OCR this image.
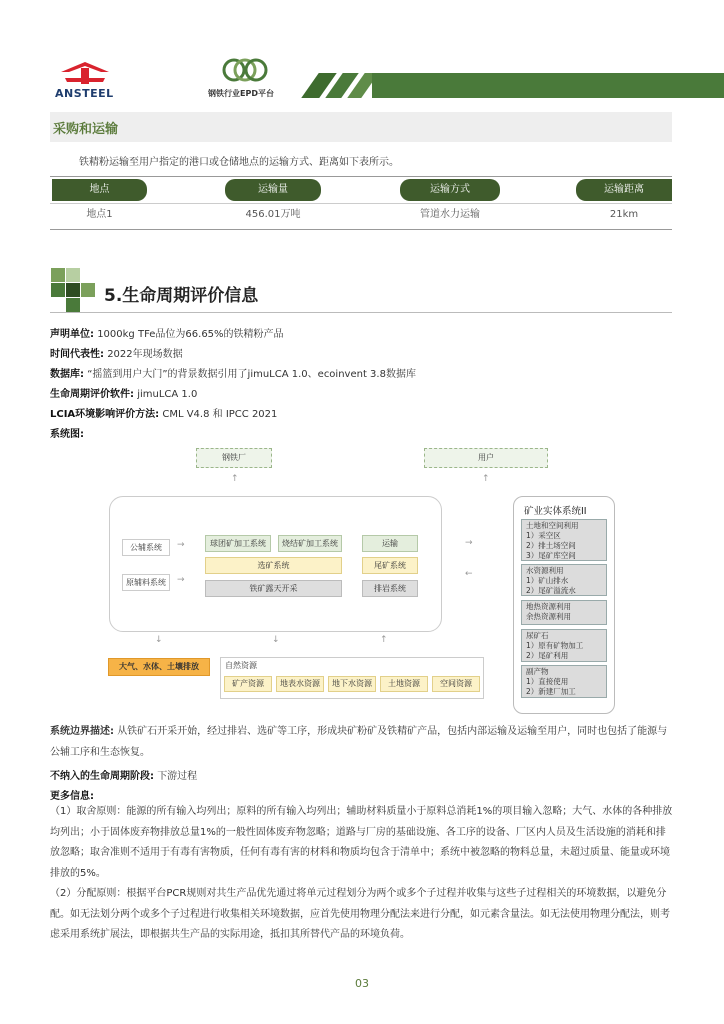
ANSTEEL	钢铁行业EPD平台
采购和运输
铁精粉运输至用户指定的港口或仓储地点的运输方式、距离如下表所示。
地点	运输量	运输方式	运输距离
地点1	456.01万吨	管道水力运输	21km
5.生命周期评价信息
声明单位: 1000kg TFe品位为66.65%的铁精粉产品
时间代表性: 2022年现场数据
数据库: “摇篮到用户大门”的背景数据引用了jimuLCA 1.0、ecoinvent 3.8数据库
生命周期评价软件: jimuLCA 1.0
LCIA环境影响评价方法: CML V4.8 和 IPCC 2021
系统图:
钢铁厂	用户
↑	↑
公辅系统
原辅料系统
→
→
球团矿加工系统	烧结矿加工系统
选矿系统
铁矿露天开采
运输
尾矿系统
排岩系统
→
←
↓	↓	↑
大气、水体、土壤排放	自然资源
矿产资源	地表水资源	地下水资源	土地资源	空间资源
矿业实体系统II
土地和空间利用
1）采空区
2）排土场空间
3）尾矿库空间
水资源利用
1）矿山排水
2）尾矿溢流水
地热资源利用
余热资源利用
尿矿石
1）原有矿物加工
2）尾矿利用
副产物
1）直接使用
2）新建厂加工
系统边界描述: 从铁矿石开采开始，经过排岩、选矿等工序，形成块矿粉矿及铁精矿产品，包括内部运输及运输至用户，同时也包括了能源与公辅工序和生态恢复。
不纳入的生命周期阶段: 下游过程
更多信息:
（1）取舍原则：能源的所有输入均列出；原料的所有输入均列出；辅助材料质量小于原料总消耗1%的项目输入忽略；大气、水体的各种排放均列出；小于固体废弃物排放总量1%的一般性固体废弃物忽略；道路与厂房的基础设施、各工序的设备、厂区内人员及生活设施的消耗和排放忽略；取舍准则不适用于有毒有害物质，任何有毒有害的材料和物质均包含于清单中；系统中被忽略的物料总量，未超过质量、能量或环境排放的5%。
（2）分配原则：根据平台PCR规则对共生产品优先通过将单元过程划分为两个或多个子过程并收集与这些子过程相关的环境数据，以避免分配。如无法划分两个或多个子过程进行收集相关环境数据，应首先使用物理分配法来进行分配，如元素含量法。如无法使用物理分配法，则考虑采用系统扩展法，即根据共生产品的实际用途，抵扣其所替代产品的环境负荷。
03
